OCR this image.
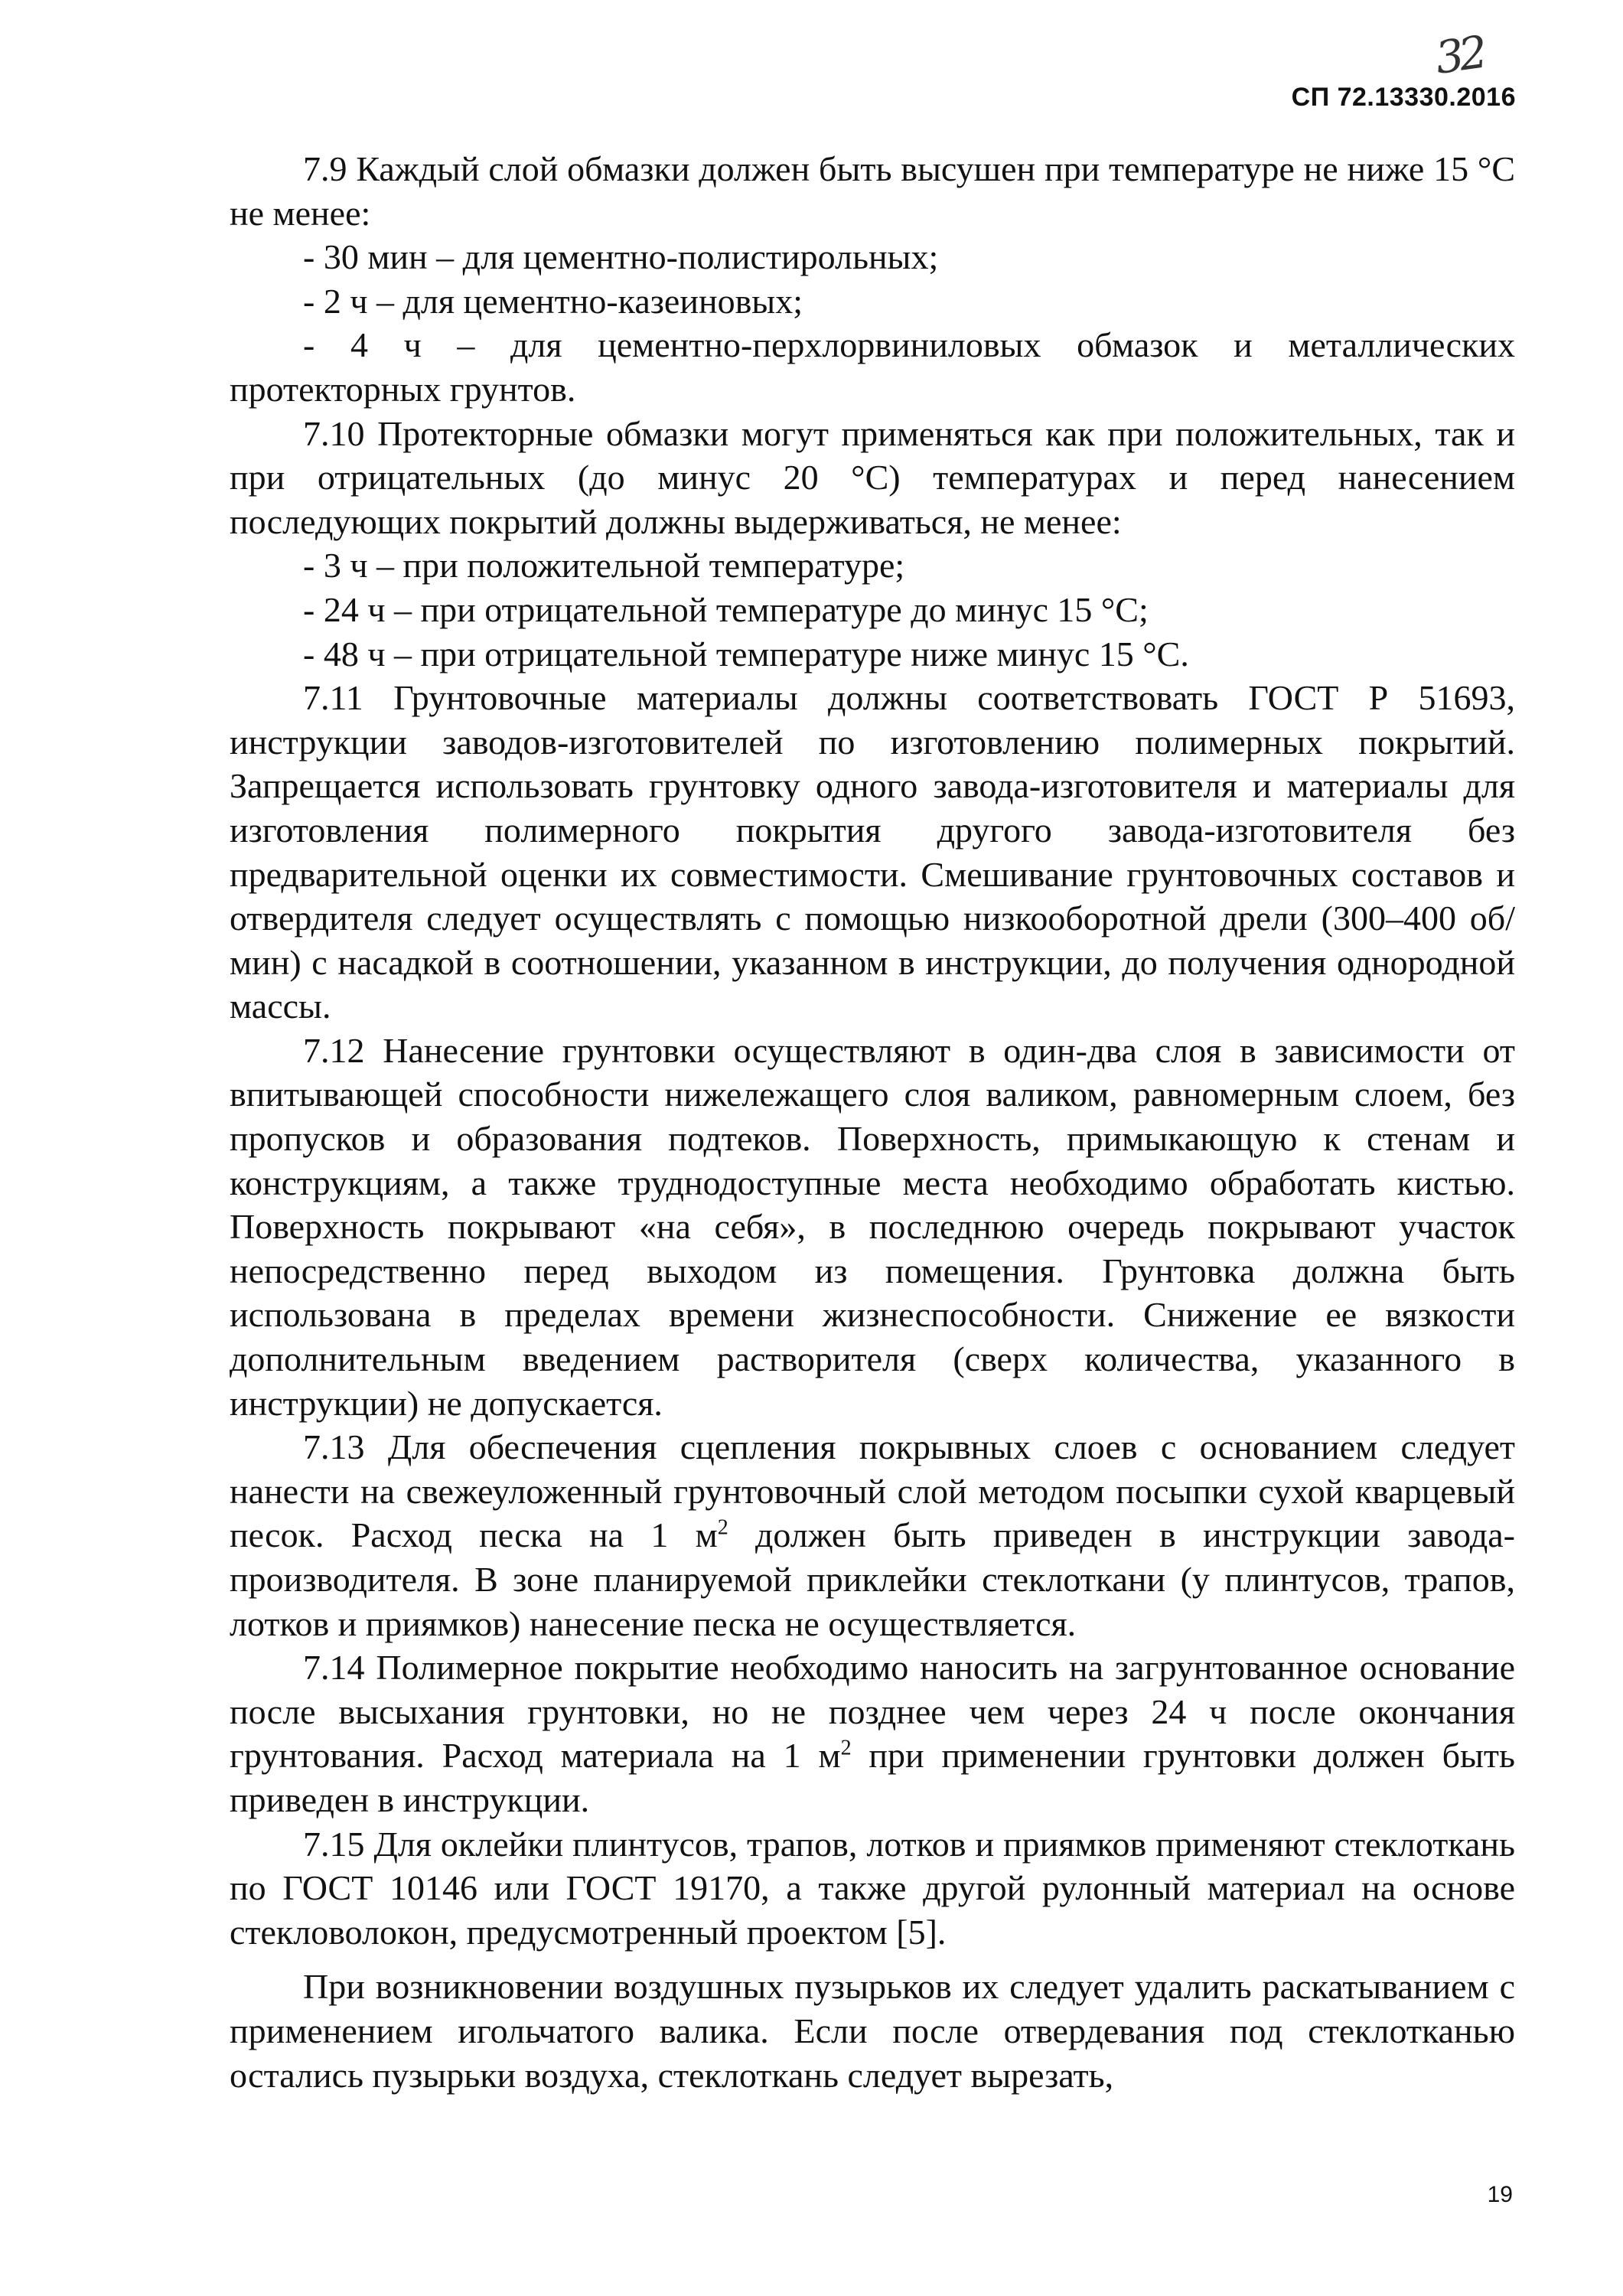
32
СП 72.13330.2016

7.9 Каждый слой обмазки должен быть высушен при температуре не ниже 15 °С не менее:

- 30 мин – для цементно-полистирольных;

- 2 ч – для цементно-казеиновых;

- 4 ч – для цементно-перхлорвиниловых обмазок и металлических протекторных грунтов.

7.10 Протекторные обмазки могут применяться как при положительных, так и при отрицательных (до минус 20 °С) температурах и перед нанесением последующих покрытий должны выдерживаться, не менее:

- 3 ч – при положительной температуре;

- 24 ч – при отрицательной температуре до минус 15 °С;

- 48 ч – при отрицательной температуре ниже минус 15 °С.

7.11 Грунтовочные материалы должны соответствовать ГОСТ Р 51693, инструкции заводов-изготовителей по изготовлению полимерных покрытий. Запрещается использовать грунтовку одного завода-изготовителя и материалы для изготовления полимерного покрытия другого завода-изготовителя без предварительной оценки их совместимости. Смешивание грунтовочных составов и отвердителя следует осуществлять с помощью низкооборотной дрели (300–400 об/мин) с насадкой в соотношении, указанном в инструкции, до получения однородной массы.

7.12 Нанесение грунтовки осуществляют в один-два слоя в зависимости от впитывающей способности нижележащего слоя валиком, равномерным слоем, без пропусков и образования подтеков. Поверхность, примыкающую к стенам и конструкциям, а также труднодоступные места необходимо обработать кистью. Поверхность покрывают «на себя», в последнюю очередь покрывают участок непосредственно перед выходом из помещения. Грунтовка должна быть использована в пределах времени жизнеспособности. Снижение ее вязкости дополнительным введением растворителя (сверх количества, указанного в инструкции) не допускается.

7.13 Для обеспечения сцепления покрывных слоев с основанием следует нанести на свежеуложенный грунтовочный слой методом посыпки сухой кварцевый песок. Расход песка на 1 $м^2$ должен быть приведен в инструкции завода-производителя. В зоне планируемой приклейки стеклоткани (у плинтусов, трапов, лотков и приямков) нанесение песка не осуществляется.

7.14 Полимерное покрытие необходимо наносить на загрунтованное основание после высыхания грунтовки, но не позднее чем через 24 ч после окончания грунтования. Расход материала на 1 $м^2$ при применении грунтовки должен быть приведен в инструкции.

7.15 Для оклейки плинтусов, трапов, лотков и приямков применяют стеклоткань по ГОСТ 10146 или ГОСТ 19170, а также другой рулонный материал на основе стекловолокон, предусмотренный проектом [5].

При возникновении воздушных пузырьков их следует удалить раскатыванием с применением игольчатого валика. Если после отвердевания под стеклотканью остались пузырьки воздуха, стеклоткань следует вырезать,

19
